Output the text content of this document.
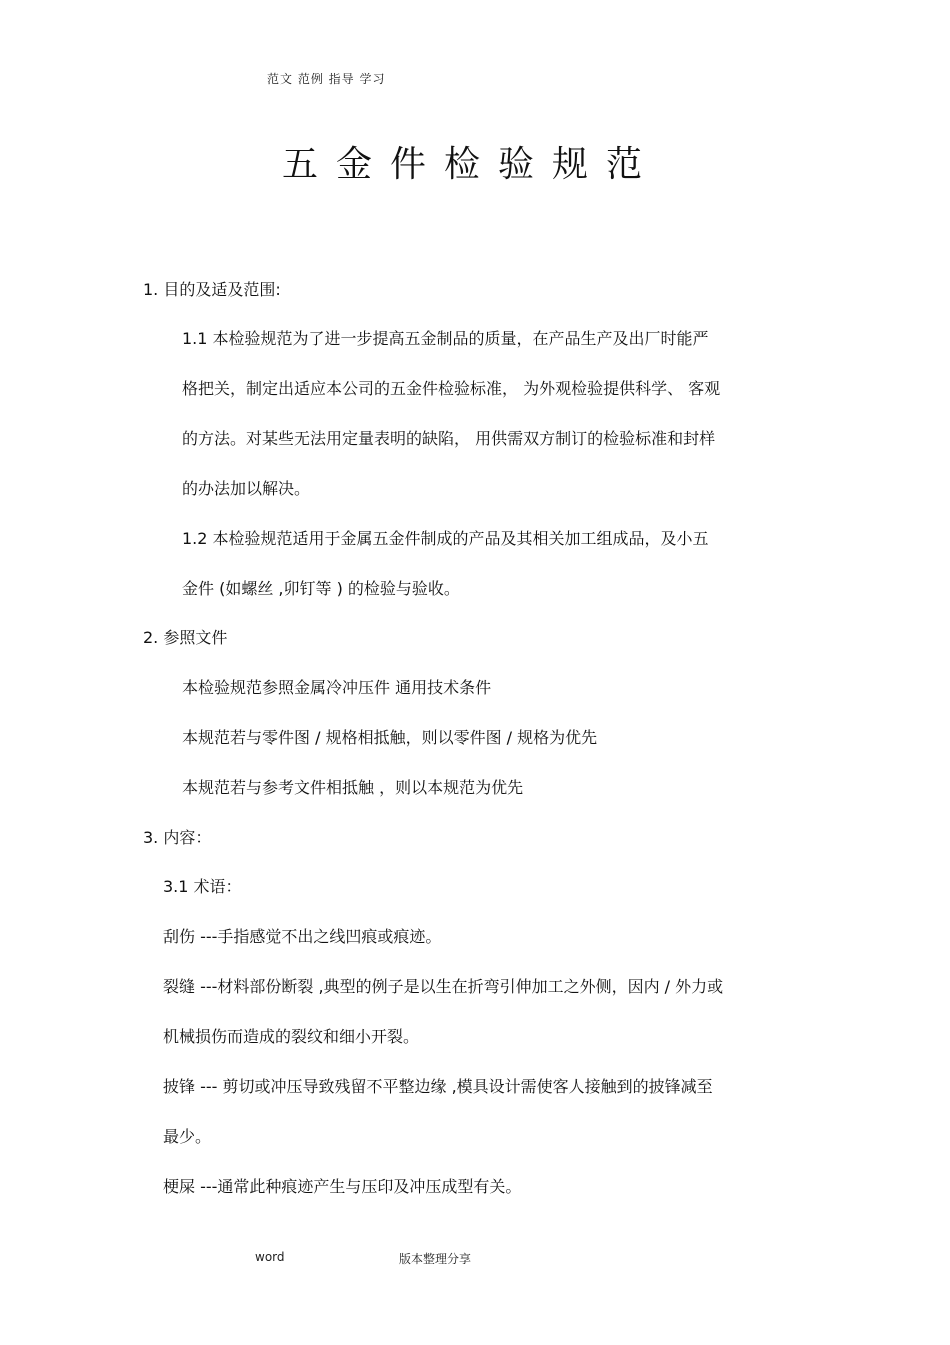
范文 范例 指导 学习
五金件检验规范
1. 目的及适及范围:
1.1 本检验规范为了进一步提高五金制品的质量，在产品生产及出厂时能严
格把关，制定出适应本公司的五金件检验标准， 为外观检验提供科学、 客观
的方法。对某些无法用定量表明的缺陷， 用供需双方制订的检验标准和封样
的办法加以解决。
1.2 本检验规范适用于金属五金件制成的产品及其相关加工组成品，及小五
金件 (如螺丝 ,卯钉等 ) 的检验与验收。
2. 参照文件
本检验规范参照金属冷冲压件 通用技术条件
本规范若与零件图 / 规格相抵触，则以零件图 / 规格为优先
本规范若与参考文件相抵触 ，则以本规范为优先
3. 内容：
3.1 术语：
刮伤 ---手指感觉不出之线凹痕或痕迹。
裂缝 ---材料部份断裂 ,典型的例子是以生在折弯引伸加工之外侧，因内 / 外力或
机械损伤而造成的裂纹和细小开裂。
披锋 --- 剪切或冲压导致残留不平整边缘 ,模具设计需使客人接触到的披锋减至
最少。
梗屎 ---通常此种痕迹产生与压印及冲压成型有关。
word	版本整理分享
